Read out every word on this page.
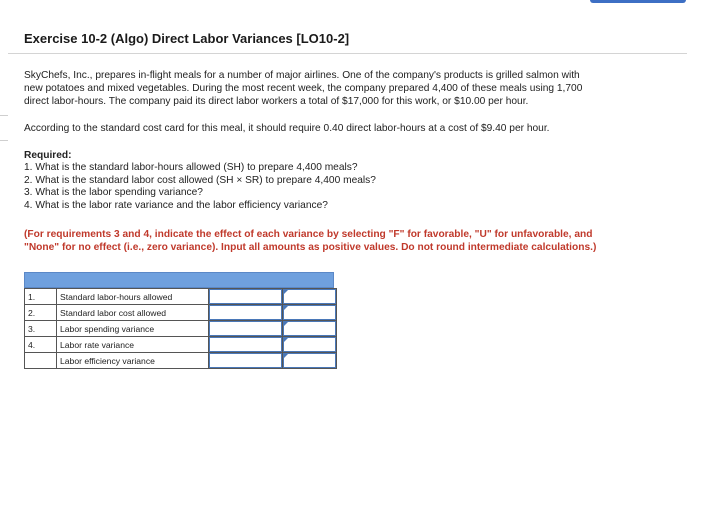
Exercise 10-2 (Algo) Direct Labor Variances [LO10-2]
SkyChefs, Inc., prepares in-flight meals for a number of major airlines. One of the company's products is grilled salmon with
new potatoes and mixed vegetables. During the most recent week, the company prepared 4,400 of these meals using 1,700
direct labor-hours. The company paid its direct labor workers a total of $17,000 for this work, or $10.00 per hour.
According to the standard cost card for this meal, it should require 0.40 direct labor-hours at a cost of $9.40 per hour.
Required:
1. What is the standard labor-hours allowed (SH) to prepare 4,400 meals?
2. What is the standard labor cost allowed (SH × SR) to prepare 4,400 meals?
3. What is the labor spending variance?
4. What is the labor rate variance and the labor efficiency variance?
(For requirements 3 and 4, indicate the effect of each variance by selecting "F" for favorable, "U" for unfavorable, and
"None" for no effect (i.e., zero variance). Input all amounts as positive values. Do not round intermediate calculations.)
1.	Standard labor-hours allowed	

2.	Standard labor cost allowed	

3.	Labor spending variance	

4.	Labor rate variance	

	Labor efficiency variance	
